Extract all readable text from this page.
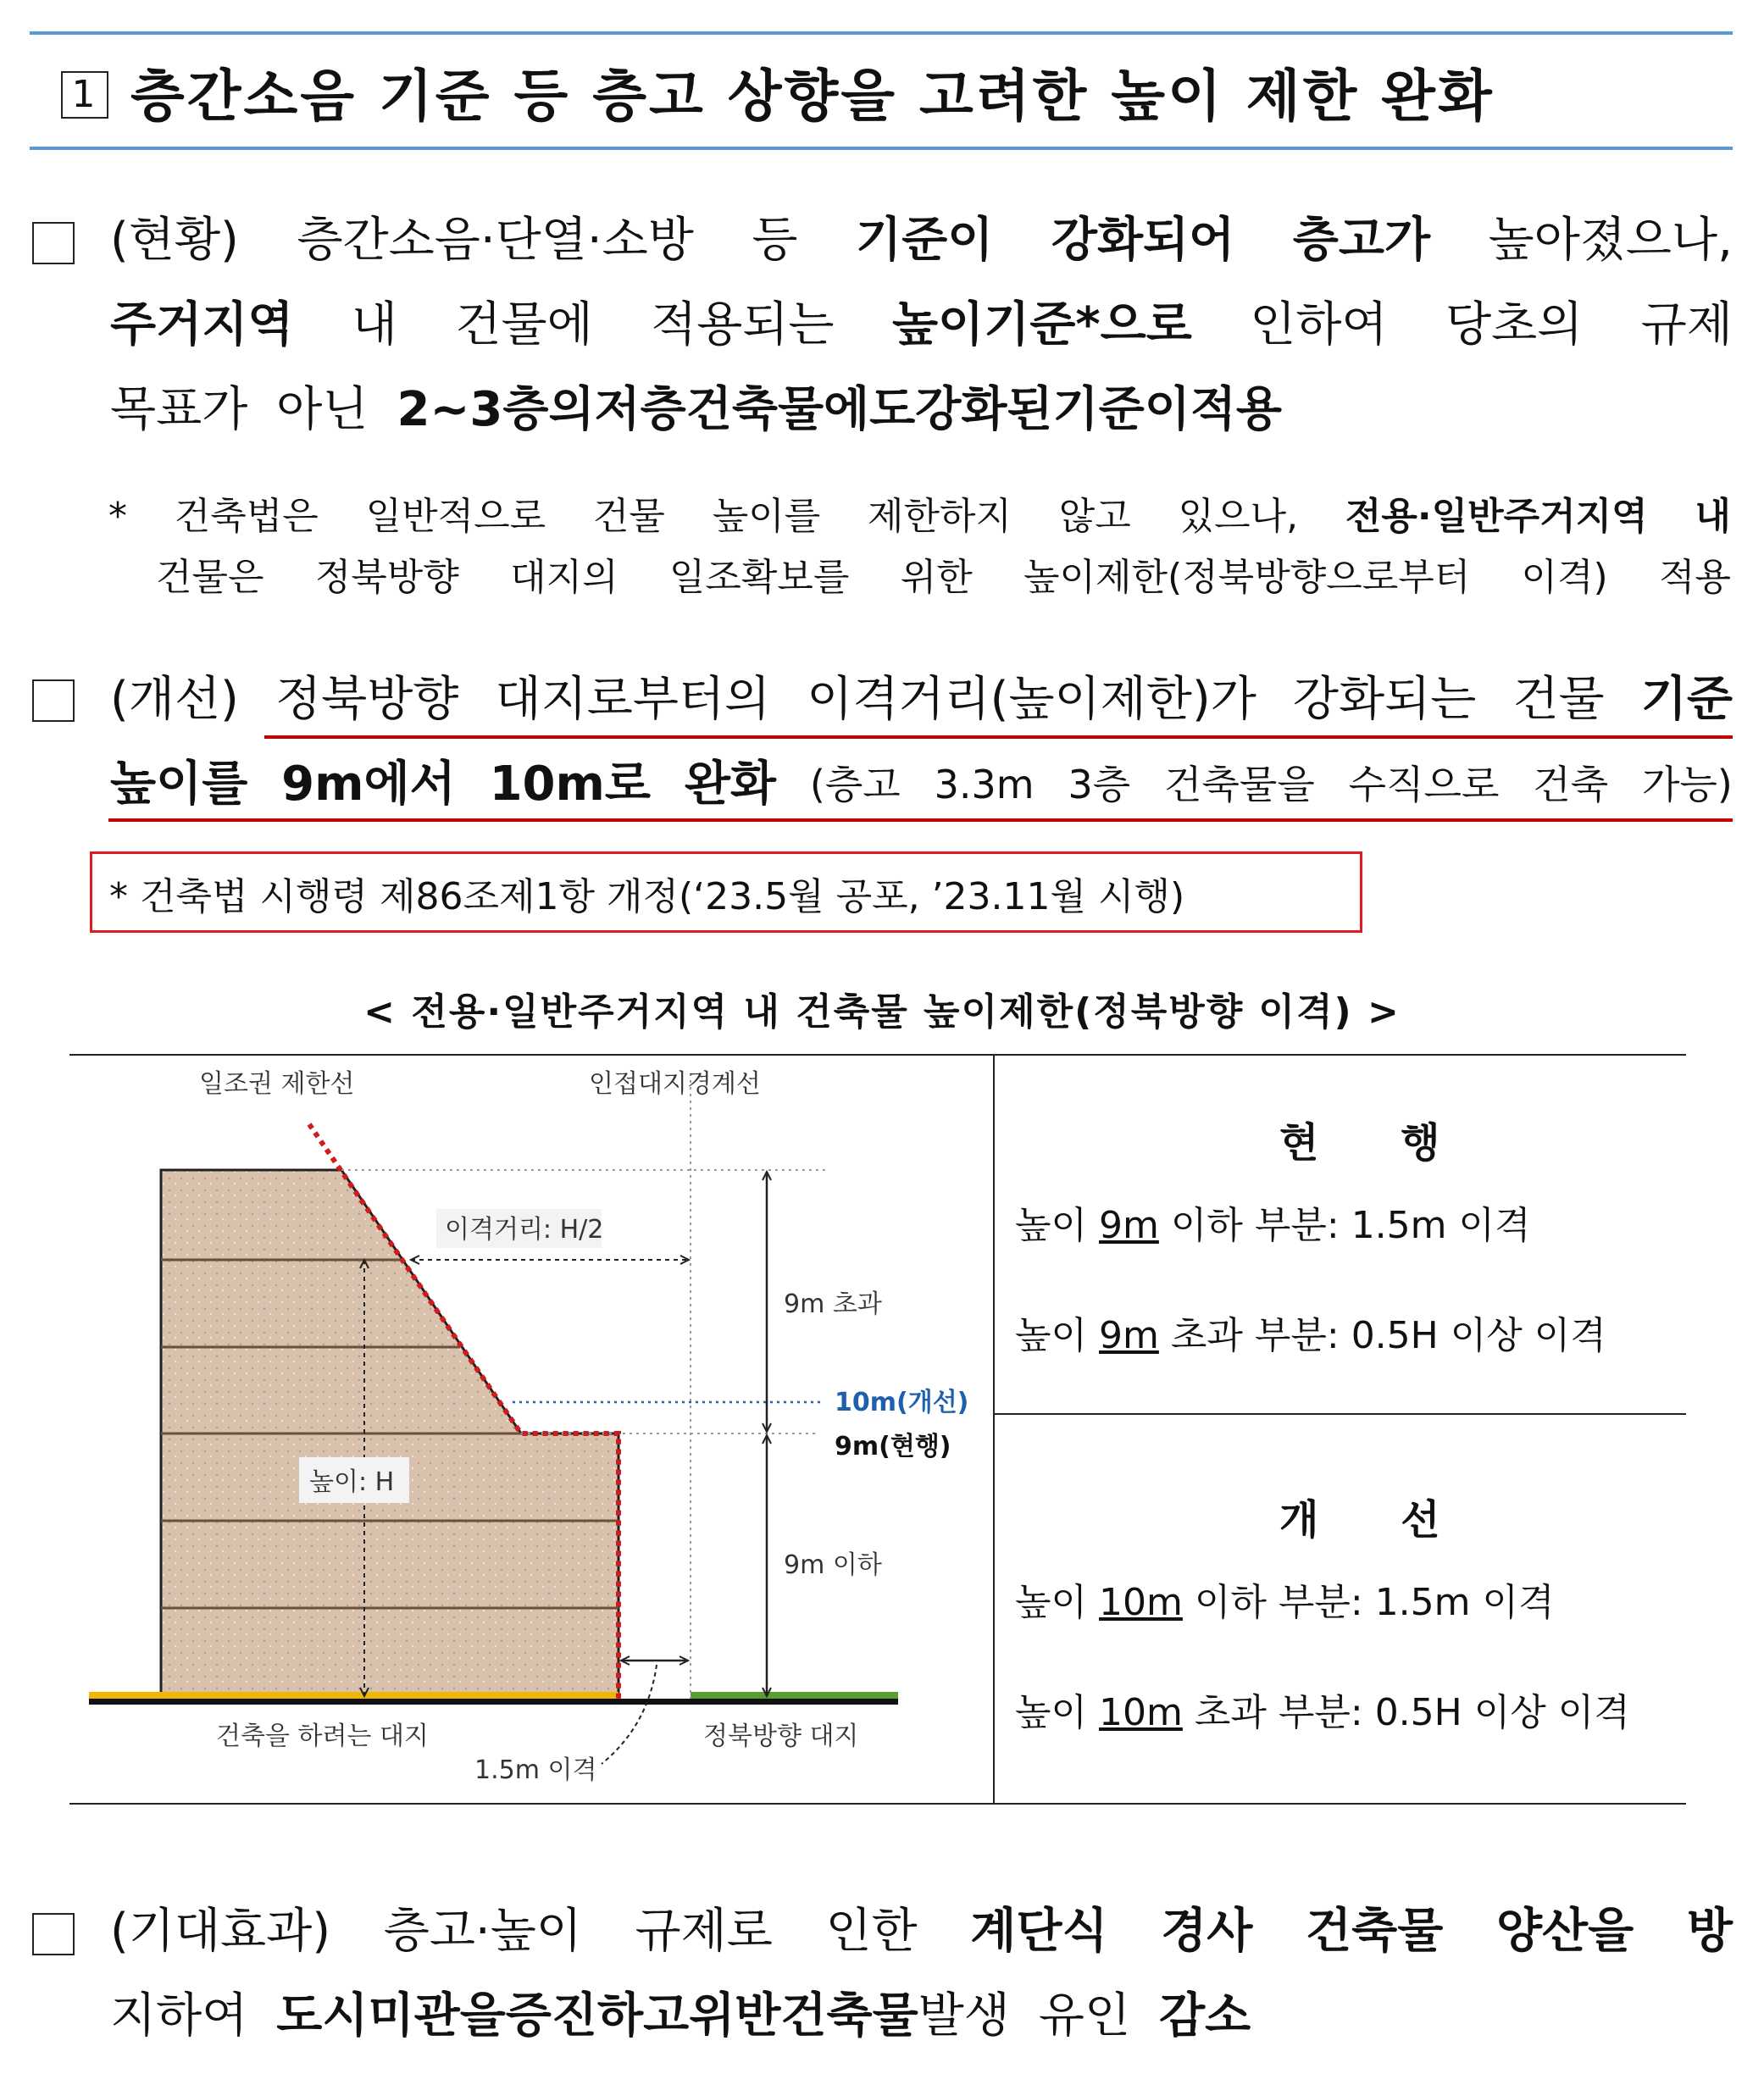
1 층간소음 기준 등 층고 상향을 고려한 높이 제한 완화
(현황) 층간소음·단열·소방 등 기준이 강화되어 층고가 높아졌으나,
주거지역 내 건물에 적용되는 높이기준*으로 인하여 당초의 규제
목표가 아닌 2~3층의 저층 건축물에도 강화된 기준이 적용
* 건축법은 일반적으로 건물 높이를 제한하지 않고 있으나, 전용·일반주거지역 내
건물은 정북방향 대지의 일조확보를 위한 높이제한(정북방향으로부터 이격) 적용
(개선) 정북방향 대지로부터의 이격거리(높이제한)가 강화되는 건물 기준
높이를 9m에서 10m로 완화 (층고 3.3m 3층 건축물을 수직으로 건축 가능)
* 건축법 시행령 제86조제1항 개정(‘23.5월 공포, ’23.11월 시행)
< 전용·일반주거지역 내 건축물 높이제한(정북방향 이격) >
일조권 제한선	인접대지경계선
이격거리: H/2
9m 초과
높이: H
9m 이하
건축을 하려는 대지
1.5m 이격
정북방향 대지
10m(개선)
9m(현행)
현 행
높이 9m 이하 부분: 1.5m 이격
높이 9m 초과 부분: 0.5H 이상 이격
개 선
높이 10m 이하 부분: 1.5m 이격
높이 10m 초과 부분: 0.5H 이상 이격
(기대효과) 층고·높이 규제로 인한 계단식 경사 건축물 양산을 방
지하여 도시 미관을 증진하고 위반건축물 발생 유인 감소
